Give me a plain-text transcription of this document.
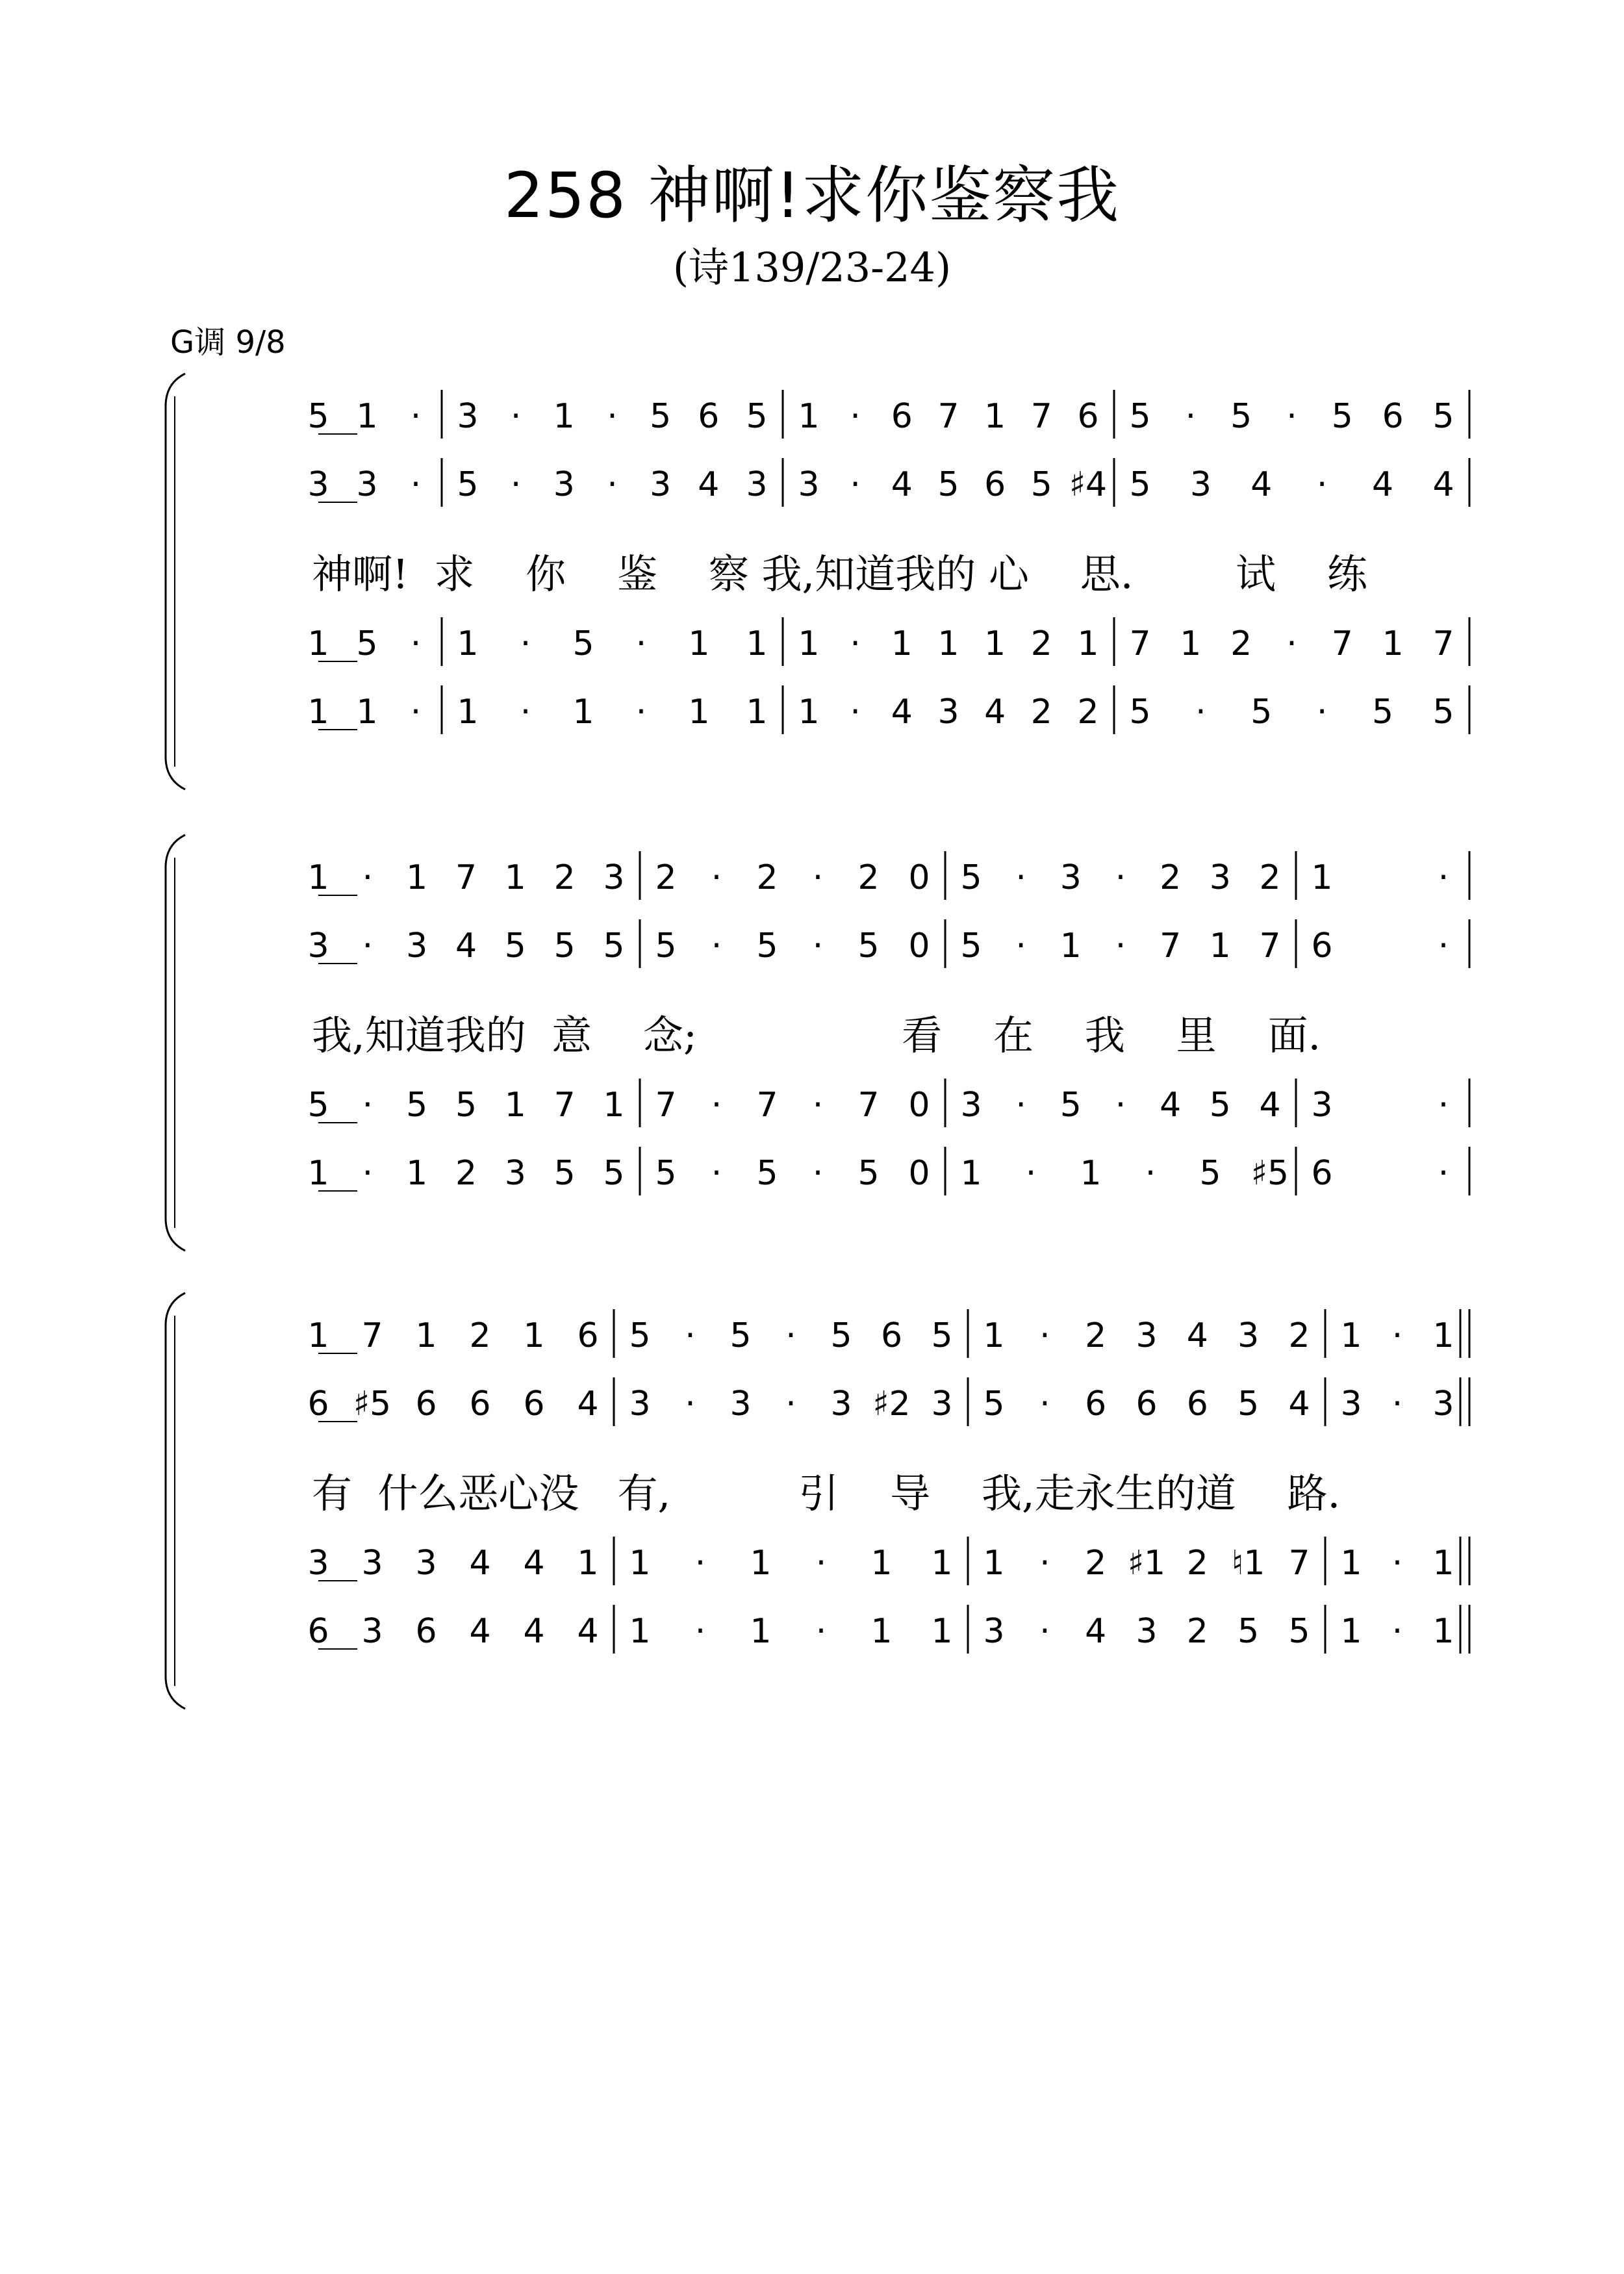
258 神啊!求你鉴察我
(诗139/23-24)
G调 9/8
5 1 · 3 · 1 · 5 6 5 1 · 6 7 1 7 6 5 · 5 · 5 6 5
3 3 · 5 · 3 · 3 4 3 3 · 4 5 6 5 ♯4 5 3 4 · 4 4
1 5 · 1 · 5 · 1 1 1 · 1 1 1 2 1 7 1 2 · 7 1 7
1 1 · 1 · 1 · 1 1 1 · 4 3 4 2 2 5 · 5 · 5 5
神啊!  求    你    鉴    察 我,知道我的 心    思.        试    练
1 · 1 7 1 2 3 2 · 2 · 2 0 5 · 3 · 2 3 2 1	·
3 · 3 4 5 5 5 5 · 5 · 5 0 5 · 1 · 7 1 7 6	·
5 · 5 5 1 7 1 7 · 7 · 7 0 3 · 5 · 4 5 4 3	·
1 · 1 2 3 5 5 5 · 5 · 5 0 1 · 1 · 5 ♯5 6	·
我,知道我的  意    念;                看    在    我    里    面.
1 7 1 2 1 6 5 · 5 · 5 6 5 1 · 2 3 4 3 2 1 · 1
6 ♯5 6 6 6 4 3 · 3 · 3 ♯2 3 5 · 6 6 6 5 4 3 · 3
3 3 3 4 4 1 1 · 1 · 1 1 1 · 2 ♯1 2 ♮1 7 1 · 1
6 3 6 4 4 4 1 · 1 · 1 1 3 · 4 3 2 5 5 1 · 1
有  什么恶心没   有,          引    导    我,走永生的道    路.
